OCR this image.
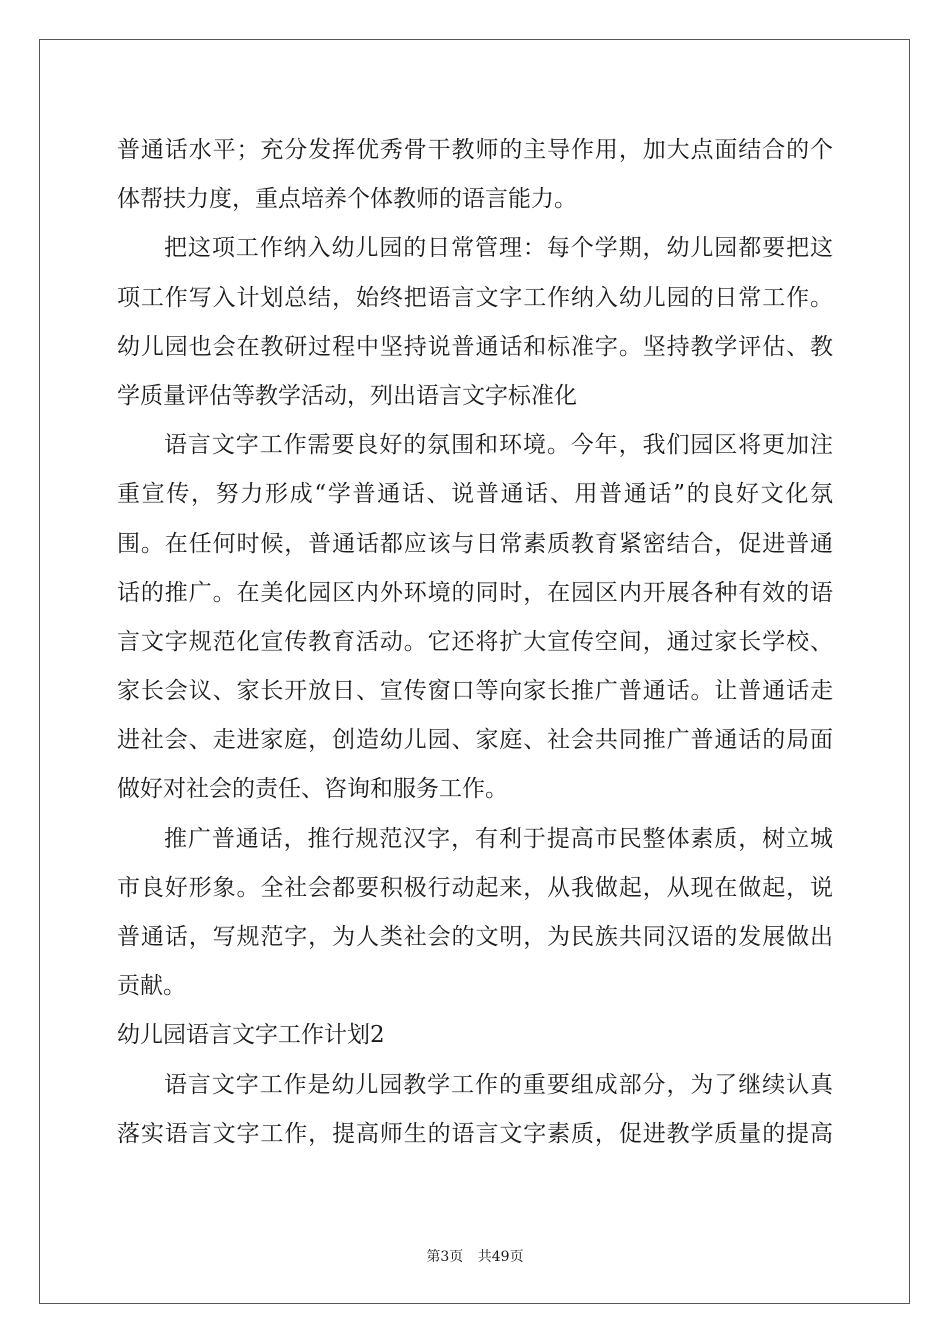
普通话水平；充分发挥优秀骨干教师的主导作用，加大点面结合的个
体帮扶力度，重点培养个体教师的语言能力。
把这项工作纳入幼儿园的日常管理：每个学期，幼儿园都要把这
项工作写入计划总结，始终把语言文字工作纳入幼儿园的日常工作。
幼儿园也会在教研过程中坚持说普通话和标准字。坚持教学评估、教
学质量评估等教学活动，列出语言文字标准化
语言文字工作需要良好的氛围和环境。今年，我们园区将更加注
重宣传，努力形成“学普通话、说普通话、用普通话”的良好文化氛
围。在任何时候，普通话都应该与日常素质教育紧密结合，促进普通
话的推广。在美化园区内外环境的同时，在园区内开展各种有效的语
言文字规范化宣传教育活动。它还将扩大宣传空间，通过家长学校、
家长会议、家长开放日、宣传窗口等向家长推广普通话。让普通话走
进社会、走进家庭，创造幼儿园、家庭、社会共同推广普通话的局面
做好对社会的责任、咨询和服务工作。
推广普通话，推行规范汉字，有利于提高市民整体素质，树立城
市良好形象。全社会都要积极行动起来，从我做起，从现在做起，说
普通话，写规范字，为人类社会的文明，为民族共同汉语的发展做出
贡献。
幼儿园语言文字工作计划2
语言文字工作是幼儿园教学工作的重要组成部分，为了继续认真
落实语言文字工作，提高师生的语言文字素质，促进教学质量的提高
第3页 共49页
